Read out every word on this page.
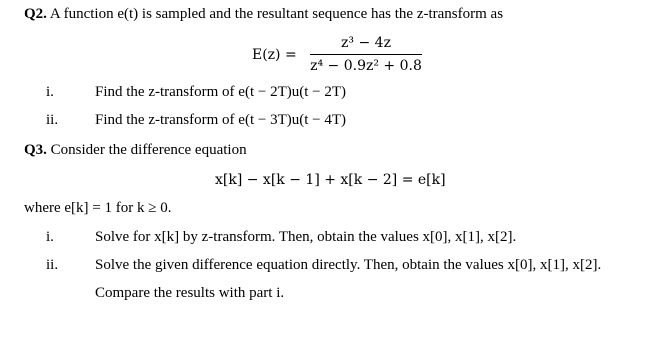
Q2. A function e(t) is sampled and the resultant sequence has the z-transform as
E(z) =
z³ − 4z
z⁴ − 0.9z² + 0.8
i.	Find the z-transform of e(t − 2T)u(t − 2T)
ii. Find the z-transform of e(t − 3T)u(t − 4T)
Q3. Consider the difference equation
x[k] − x[k − 1] + x[k − 2] = e[k]
where e[k] = 1 for k ≥ 0.
i.	Solve for x[k] by z-transform. Then, obtain the values x[0], x[1], x[2].
ii. Solve the given difference equation directly. Then, obtain the values x[0], x[1], x[2].
Compare the results with part i.
